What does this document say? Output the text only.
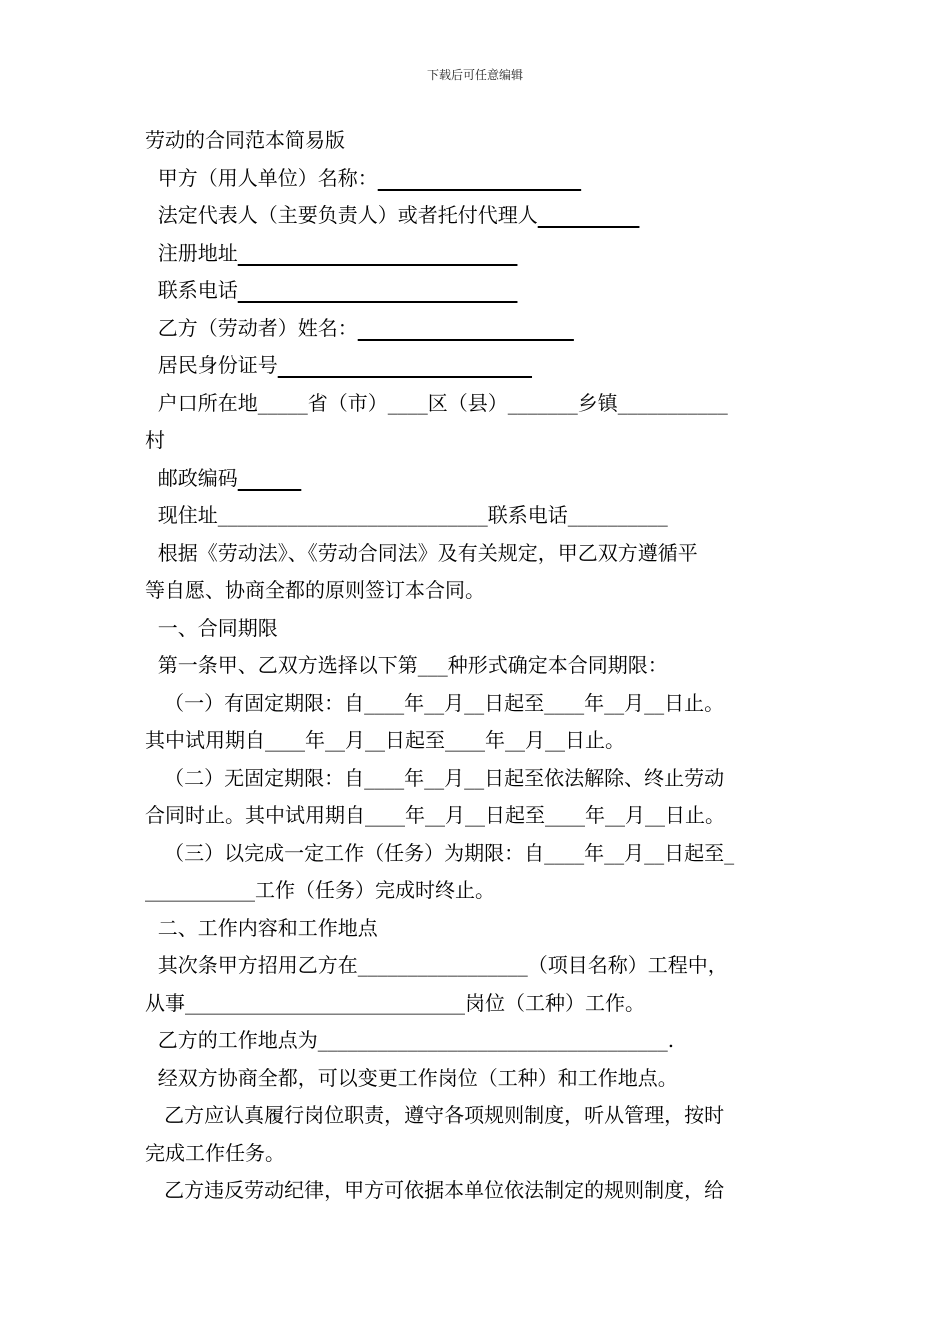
下载后可任意编辑
劳动的合同范本简易版
甲方（用人单位）名称：
法定代表人（主要负责人）或者托付代理人
注册地址
联系电话
乙方（劳动者）姓名：
居民身份证号
户口所在地_____省（市）____区（县）_______乡镇___________
村
邮政编码
现住址___________________________联系电话__________
根据《劳动法》、《劳动合同法》及有关规定，甲乙双方遵循平
等自愿、协商全都的原则签订本合同。
一、合同期限
第一条甲、乙双方选择以下第___种形式确定本合同期限：
（一）有固定期限：自____年__月__日起至____年__月__日止。
其中试用期自____年__月__日起至____年__月__日止。
（二）无固定期限：自____年__月__日起至依法解除、终止劳动
合同时止。其中试用期自____年__月__日起至____年__月__日止。
（三）以完成一定工作（任务）为期限：自____年__月__日起至_
___________工作（任务）完成时终止。
二、工作内容和工作地点
其次条甲方招用乙方在_________________（项目名称）工程中，
从事____________________________岗位（工种）工作。
乙方的工作地点为___________________________________.
经双方协商全都，可以变更工作岗位（工种）和工作地点。
乙方应认真履行岗位职责，遵守各项规则制度，听从管理，按时
完成工作任务。
乙方违反劳动纪律，甲方可依据本单位依法制定的规则制度，给
